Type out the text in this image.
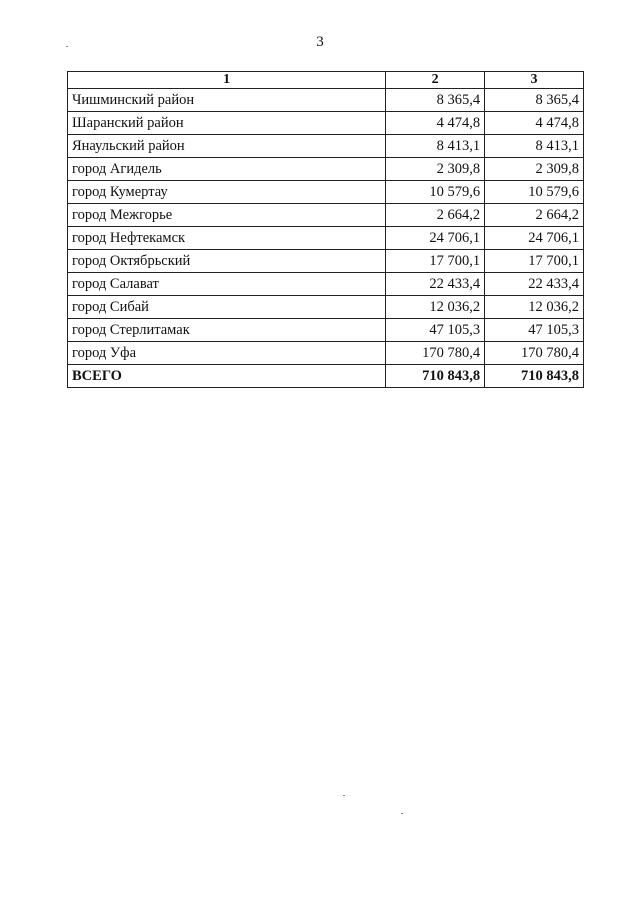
3
1	2	3
Чишминский район	8 365,4	8 365,4
Шаранский район	4 474,8	4 474,8
Янаульский район	8 413,1	8 413,1
город Агидель	2 309,8	2 309,8
город Кумертау	10 579,6	10 579,6
город Межгорье	2 664,2	2 664,2
город Нефтекамск	24 706,1	24 706,1
город Октябрьский	17 700,1	17 700,1
город Салават	22 433,4	22 433,4
город Сибай	12 036,2	12 036,2
город Стерлитамак	47 105,3	47 105,3
город Уфа	170 780,4	170 780,4
ВСЕГО	710 843,8	710 843,8
